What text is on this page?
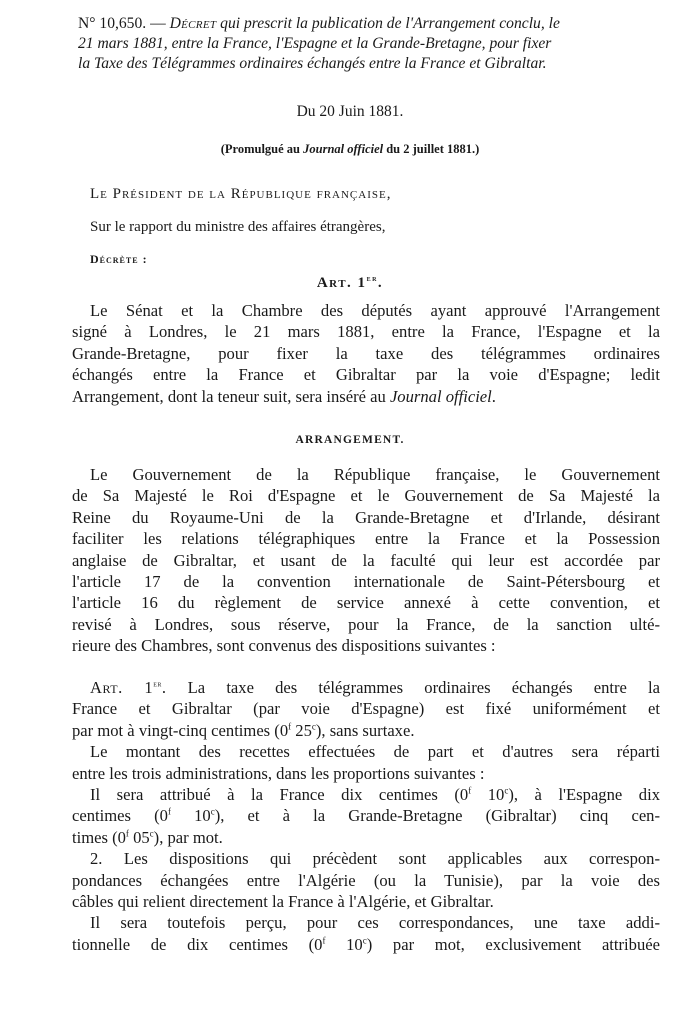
N° 10,650. — Décret qui prescrit la publication de l'Arrangement conclu, le
21 mars 1881, entre la France, l'Espagne et la Grande-Bretagne, pour fixer
la Taxe des Télégrammes ordinaires échangés entre la France et Gibraltar.
Du 20 Juin 1881.
(Promulgué au Journal officiel du 2 juillet 1881.)
Le Président de la République française,
Sur le rapport du ministre des affaires étrangères,
Décrète :
Art. 1er.
Le Sénat et la Chambre des députés ayant approuvé l'Arrangement
signé à Londres, le 21 mars 1881, entre la France, l'Espagne et la
Grande-Bretagne, pour fixer la taxe des télégrammes ordinaires
échangés entre la France et Gibraltar par la voie d'Espagne; ledit
Arrangement, dont la teneur suit, sera inséré au Journal officiel.
ARRANGEMENT.
Le Gouvernement de la République française, le Gouvernement
de Sa Majesté le Roi d'Espagne et le Gouvernement de Sa Majesté la
Reine du Royaume-Uni de la Grande-Bretagne et d'Irlande, désirant
faciliter les relations télégraphiques entre la France et la Possession
anglaise de Gibraltar, et usant de la faculté qui leur est accordée par
l'article 17 de la convention internationale de Saint-Pétersbourg et
l'article 16 du règlement de service annexé à cette convention, et
revisé à Londres, sous réserve, pour la France, de la sanction ulté-
rieure des Chambres, sont convenus des dispositions suivantes :
Art. 1er. La taxe des télégrammes ordinaires échangés entre la
France et Gibraltar (par voie d'Espagne) est fixé uniformément et
par mot à vingt-cinq centimes (0$^f$ 25$^c$), sans surtaxe.
Le montant des recettes effectuées de part et d'autres sera réparti
entre les trois administrations, dans les proportions suivantes :
Il sera attribué à la France dix centimes (0$^f$ 10$^c$), à l'Espagne dix
centimes (0$^f$ 10$^c$), et à la Grande-Bretagne (Gibraltar) cinq cen-
times (0$^f$ 05$^c$), par mot.
2. Les dispositions qui précèdent sont applicables aux correspon-
pondances échangées entre l'Algérie (ou la Tunisie), par la voie des
câbles qui relient directement la France à l'Algérie, et Gibraltar.
Il sera toutefois perçu, pour ces correspondances, une taxe addi-
tionnelle de dix centimes (0$^f$ 10$^c$) par mot, exclusivement attribuée
